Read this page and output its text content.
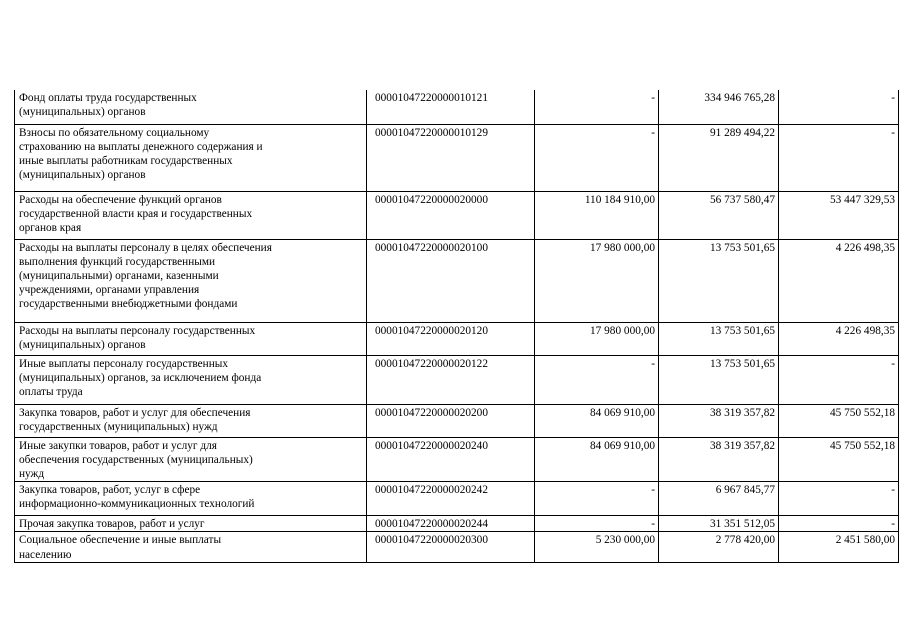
Фонд оплаты труда государственных
(муниципальных) органов	00001047220000010121	-	334 946 765,28	-
Взносы по обязательному социальному
страхованию на выплаты денежного содержания и
иные выплаты работникам государственных
(муниципальных) органов	00001047220000010129	-	91 289 494,22	-
Расходы на обеспечение функций органов
государственной власти края и государственных
органов края	00001047220000020000	110 184 910,00	56 737 580,47	53 447 329,53
Расходы на выплаты персоналу в целях обеспечения
выполнения функций государственными
(муниципальными) органами, казенными
учреждениями, органами управления
государственными внебюджетными фондами	00001047220000020100	17 980 000,00	13 753 501,65	4 226 498,35
Расходы на выплаты персоналу государственных
(муниципальных) органов	00001047220000020120	17 980 000,00	13 753 501,65	4 226 498,35
Иные выплаты персоналу государственных
(муниципальных) органов, за исключением фонда
оплаты труда	00001047220000020122	-	13 753 501,65	-
Закупка товаров, работ и услуг для обеспечения
государственных (муниципальных) нужд	00001047220000020200	84 069 910,00	38 319 357,82	45 750 552,18
Иные закупки товаров, работ и услуг для
обеспечения государственных (муниципальных)
нужд	00001047220000020240	84 069 910,00	38 319 357,82	45 750 552,18
Закупка товаров, работ, услуг в сфере
информационно-коммуникационных технологий	00001047220000020242	-	6 967 845,77	-
Прочая закупка товаров, работ и услуг	00001047220000020244	-	31 351 512,05	-
Социальное обеспечение и иные выплаты
населению	00001047220000020300	5 230 000,00	2 778 420,00	2 451 580,00
